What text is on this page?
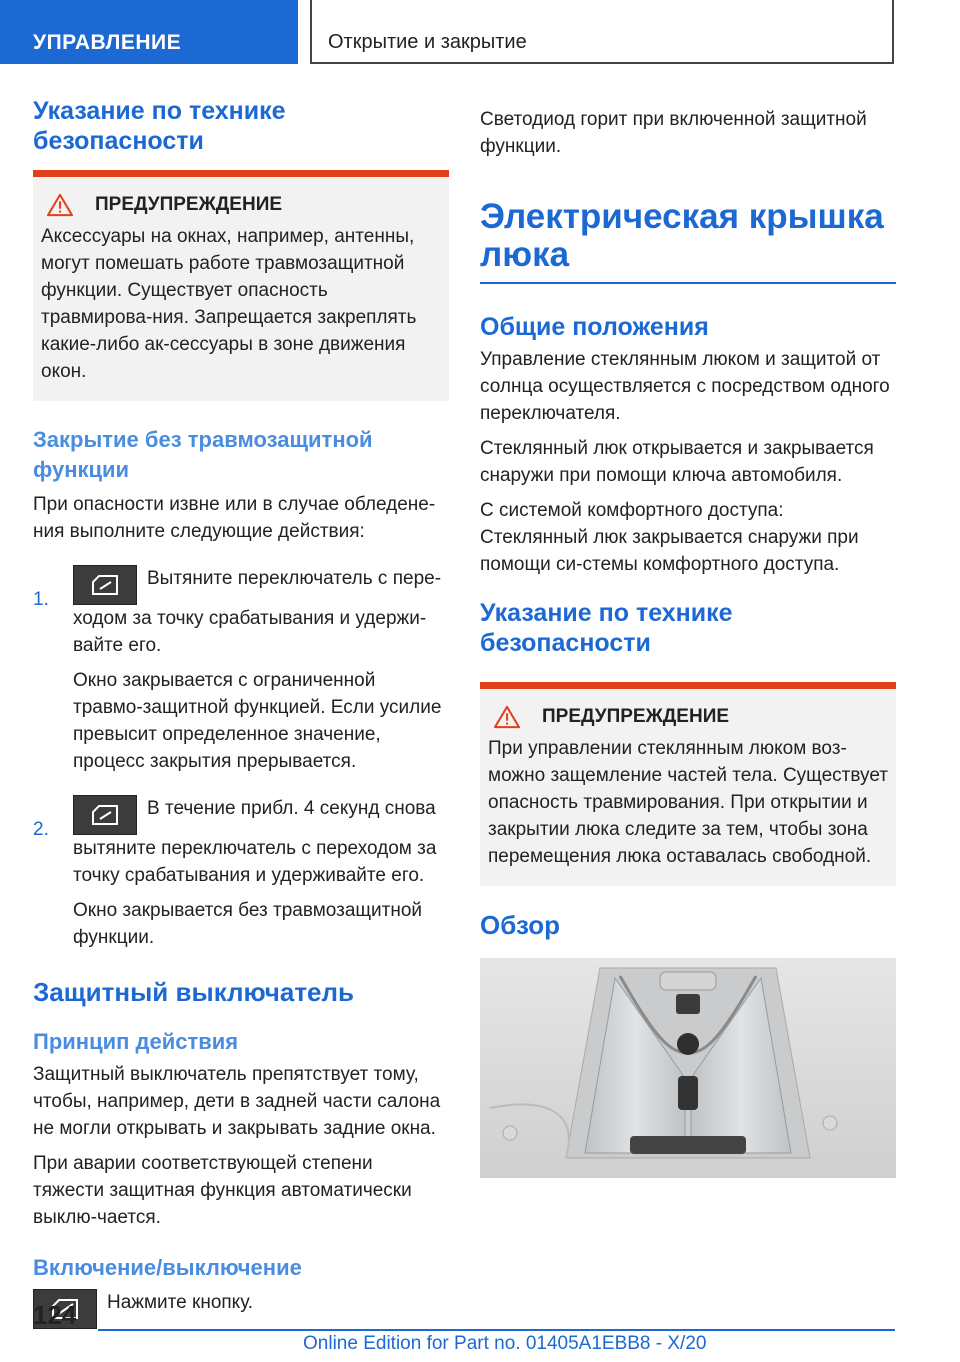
УПРАВЛЕНИЕ	Открытие и закрытие
Указание по технике безопасности
ПРЕДУПРЕЖДЕНИЕ

Аксессуары на окнах, например, антенны, могут помешать работе травмозащитной функции. Существует опасность травмирова-ния. Запрещается закреплять какие-либо ак-сессуары в зоне движения окон.

Закрытие без травмозащитной функции

При опасности извне или в случае обледене-ния выполните следующие действия:

1.

Вытяните переключатель с пере-ходом за точку срабатывания и удержи-вайте его.

Окно закрывается с ограниченной травмо-защитной функцией. Если усилие превысит определенное значение, процесс закрытия прерывается.

2.

В течение прибл. 4 секунд снова вытяните переключатель с переходом за точку срабатывания и удерживайте его.

Окно закрывается без травмозащитной функции.

Защитный выключатель
Принцип действия

Защитный выключатель препятствует тому, чтобы, например, дети в задней части салона не могли открывать и закрывать задние окна.

При аварии соответствующей степени тяжести защитная функция автоматически выклю-чается.

Включение/выключение

Нажмите кнопку.

Светодиод горит при включенной защитной функции.

Электрическая крышка люка
Общие положения

Управление стеклянным люком и защитой от солнца осуществляется с посредством одного переключателя.

Стеклянный люк открывается и закрывается снаружи при помощи ключа автомобиля.

С системой комфортного доступа: Стеклянный люк закрывается снаружи при помощи си-стемы комфортного доступа.

Указание по технике безопасности
ПРЕДУПРЕЖДЕНИЕ

При управлении стеклянным люком воз-можно защемление частей тела. Существует опасность травмирования. При открытии и закрытии люка следите за тем, чтобы зона перемещения люка оставалась свободной.

Обзор
124
Online Edition for Part no. 01405A1EBB8 - X/20
